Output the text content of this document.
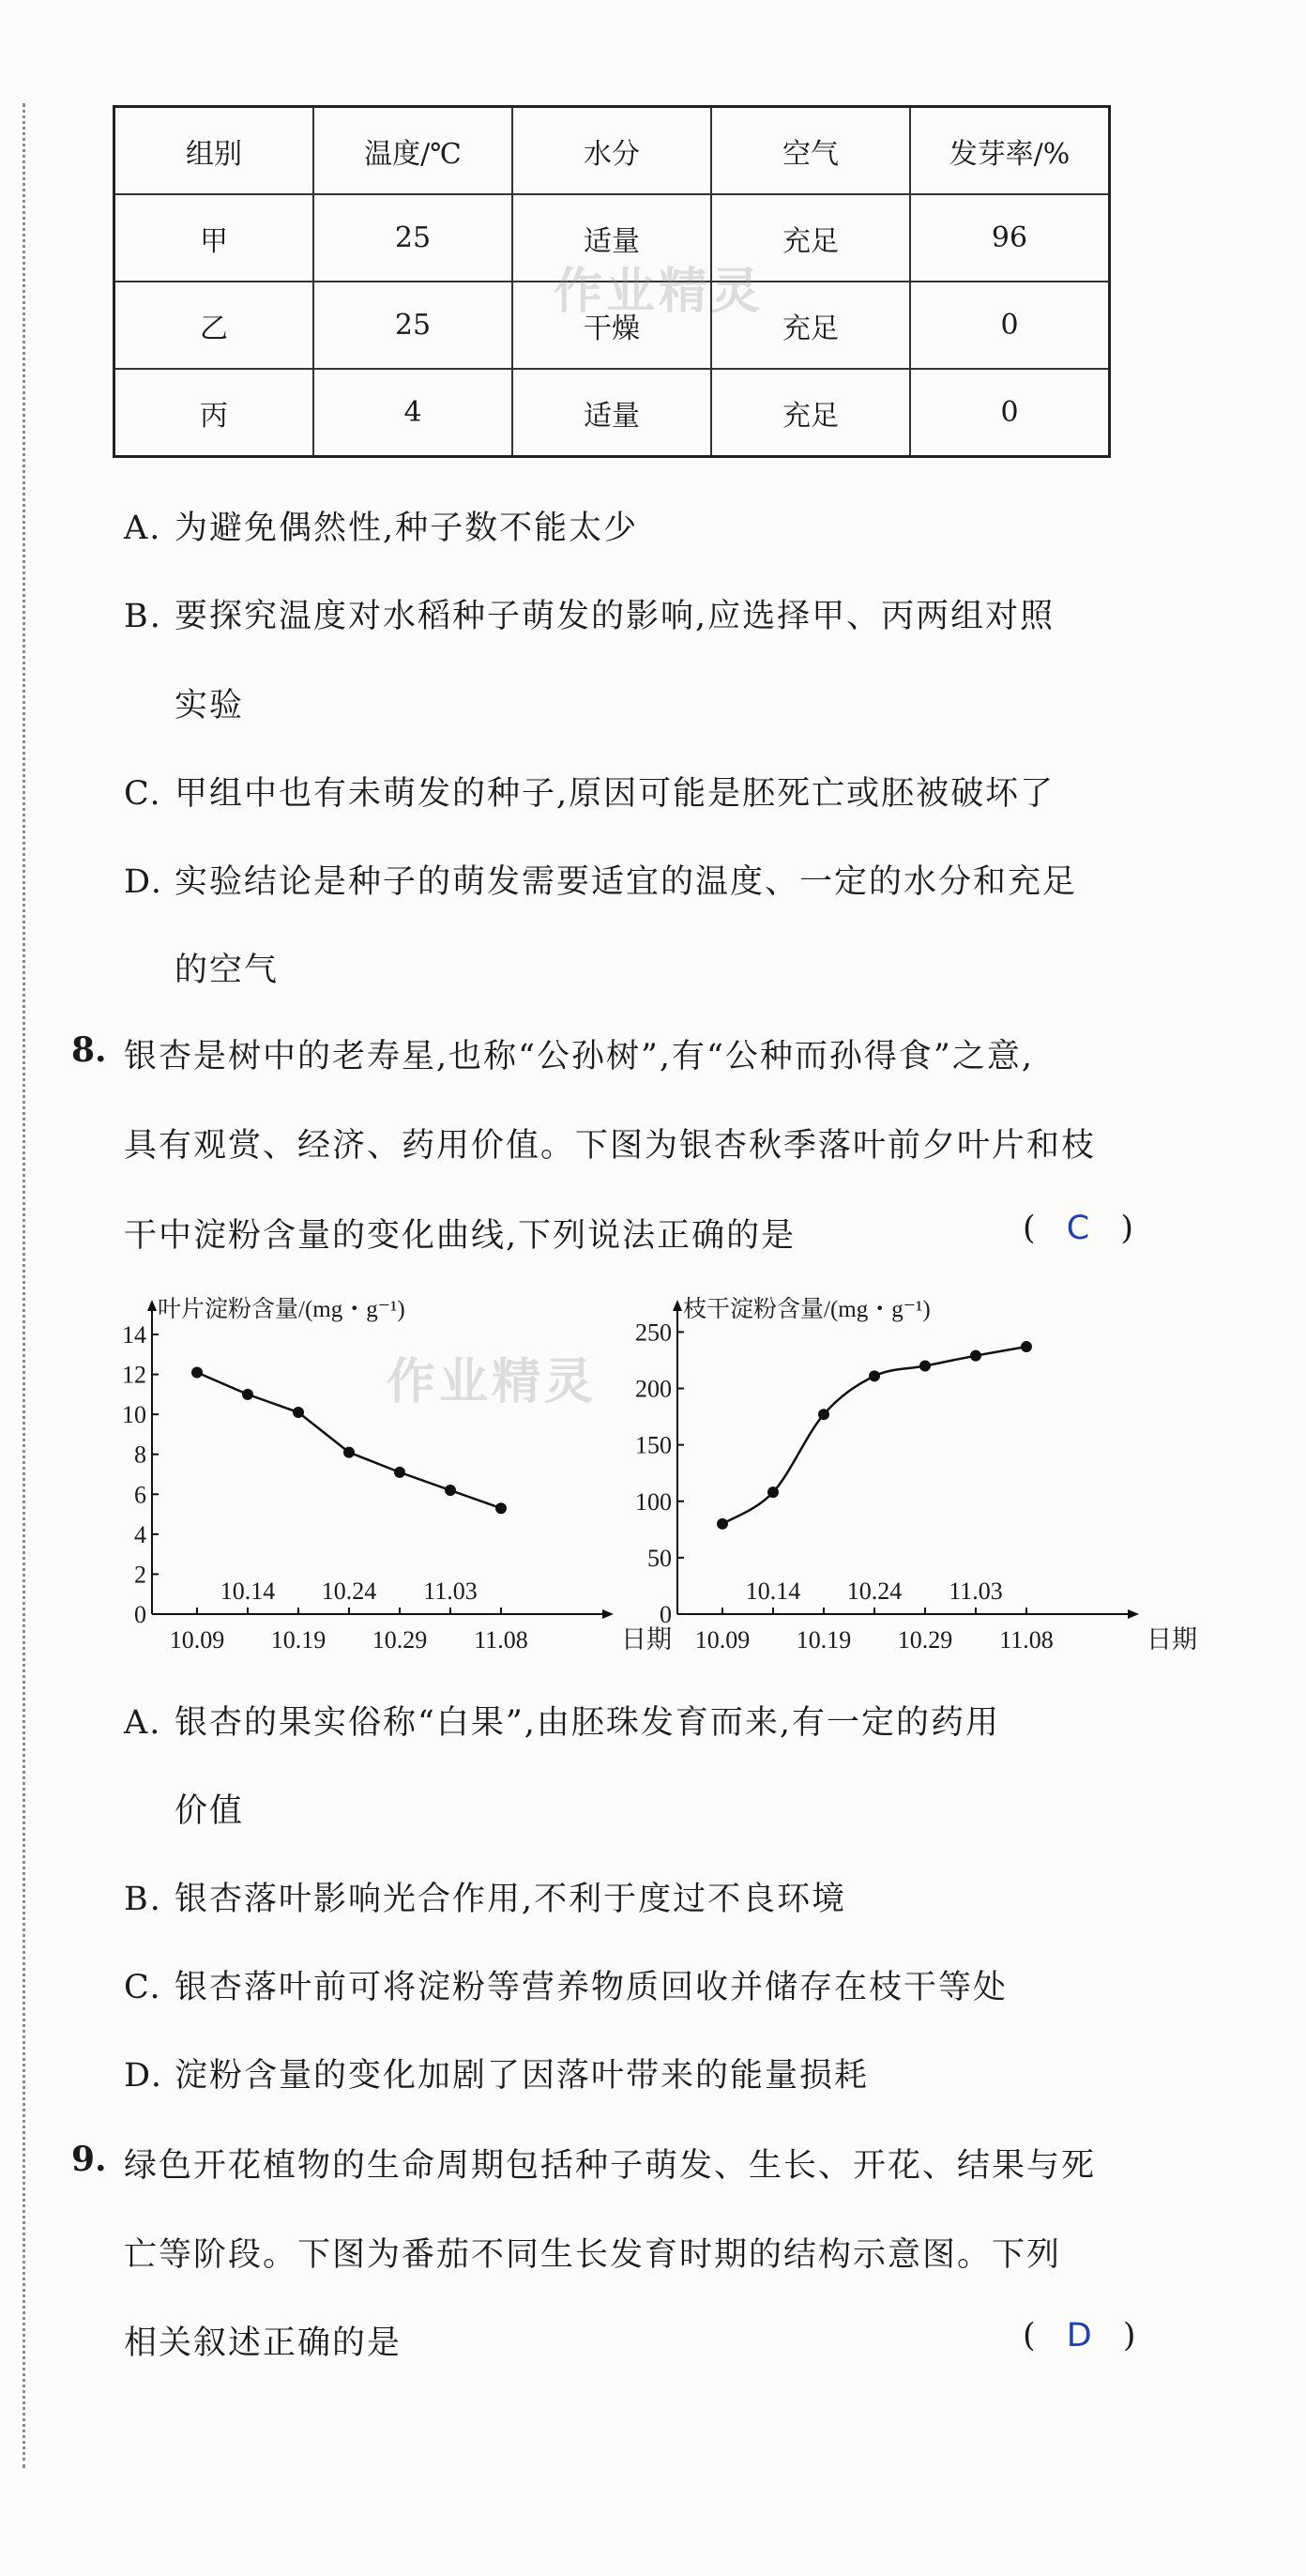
组别	温度/℃	水分	空气	发芽率/%
甲	25	适量	充足	96
乙	25	干燥	充足	0
丙	4	适量	充足	0
作业精灵
A. 为避免偶然性,种子数不能太少
B. 要探究温度对水稻种子萌发的影响,应选择甲、丙两组对照
实验
C. 甲组中也有未萌发的种子,原因可能是胚死亡或胚被破坏了
D. 实验结论是种子的萌发需要适宜的温度、一定的水分和充足
的空气
8. 银杏是树中的老寿星,也称“公孙树”,有“公种而孙得食”之意,
具有观赏、经济、药用价值。下图为银杏秋季落叶前夕叶片和枝
干中淀粉含量的变化曲线,下列说法正确的是	( C )
0
2
4
6
8
10
12
14
10.09 10.19 10.29 11.08
10.14 10.24 11.03
日期
叶片淀粉含量/(mg・g⁻¹)
0
50
100
150
200
250
10.09 10.19 10.29 11.08
10.14 10.24 11.03
日期
枝干淀粉含量/(mg・g⁻¹)
作业精灵
A. 银杏的果实俗称“白果”,由胚珠发育而来,有一定的药用
价值
B. 银杏落叶影响光合作用,不利于度过不良环境
C. 银杏落叶前可将淀粉等营养物质回收并储存在枝干等处
D. 淀粉含量的变化加剧了因落叶带来的能量损耗
9. 绿色开花植物的生命周期包括种子萌发、生长、开花、结果与死
亡等阶段。下图为番茄不同生长发育时期的结构示意图。下列
相关叙述正确的是	( D )
